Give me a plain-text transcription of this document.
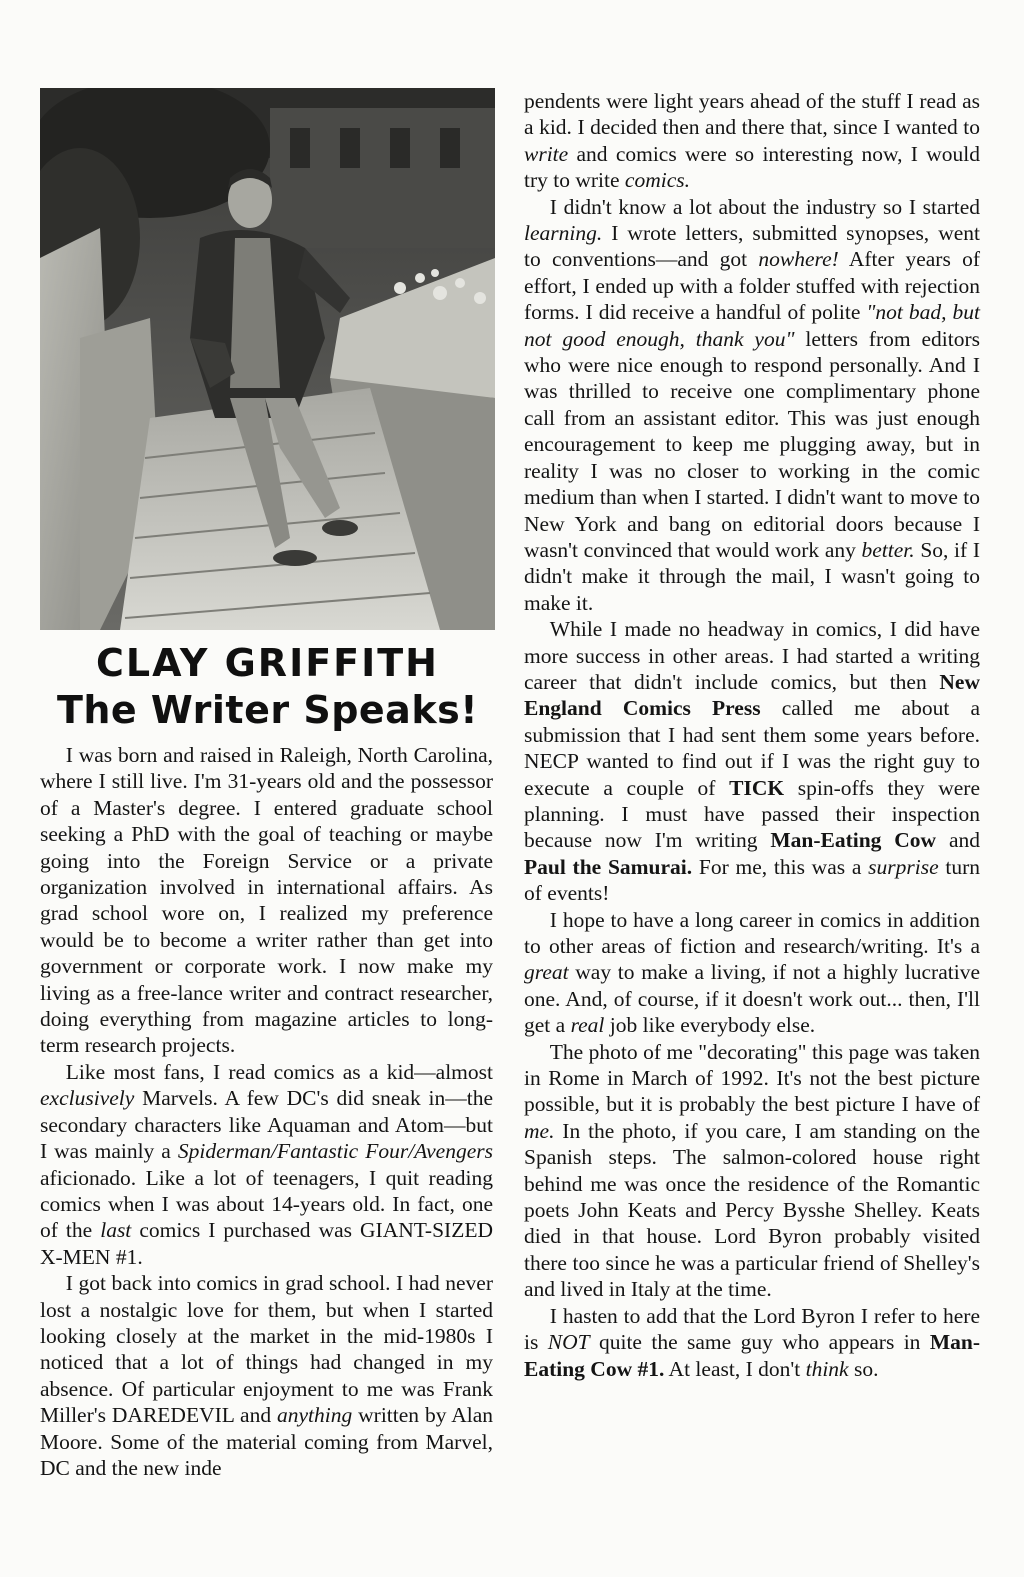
CLAY GRIFFITH
The Writer Speaks!

I was born and raised in Raleigh, North Carolina, where I still live. I'm 31-years old and the possessor of a Master's degree. I entered graduate school seeking a PhD with the goal of teaching or maybe going into the Foreign Service or a private organization involved in international affairs. As grad school wore on, I realized my preference would be to become a writer rather than get into government or corporate work. I now make my living as a free-lance writer and contract researcher, doing everything from magazine articles to long-term research projects.

Like most fans, I read comics as a kid—almost exclusively Marvels. A few DC's did sneak in—the secondary characters like Aquaman and Atom—but I was mainly a Spiderman/Fantastic Four/Avengers aficionado. Like a lot of teenagers, I quit reading comics when I was about 14-years old. In fact, one of the last comics I purchased was GIANT-SIZED X-MEN #1.

I got back into comics in grad school. I had never lost a nostalgic love for them, but when I started looking closely at the market in the mid-1980s I noticed that a lot of things had changed in my absence. Of particular enjoyment to me was Frank Miller's DAREDEVIL and anything written by Alan Moore. Some of the material coming from Marvel, DC and the new inde

pendents were light years ahead of the stuff I read as a kid. I decided then and there that, since I wanted to write and comics were so interesting now, I would try to write comics.

I didn't know a lot about the industry so I started learning. I wrote letters, submitted synopses, went to conventions—and got nowhere! After years of effort, I ended up with a folder stuffed with rejection forms. I did receive a handful of polite "not bad, but not good enough, thank you" letters from editors who were nice enough to respond personally. And I was thrilled to receive one complimentary phone call from an assistant editor. This was just enough encouragement to keep me plugging away, but in reality I was no closer to working in the comic medium than when I started. I didn't want to move to New York and bang on editorial doors because I wasn't convinced that would work any better. So, if I didn't make it through the mail, I wasn't going to make it.

While I made no headway in comics, I did have more success in other areas. I had started a writing career that didn't include comics, but then New England Comics Press called me about a submission that I had sent them some years before. NECP wanted to find out if I was the right guy to execute a couple of TICK spin-offs they were planning. I must have passed their inspection because now I'm writing Man-Eating Cow and Paul the Samurai. For me, this was a surprise turn of events!

I hope to have a long career in comics in addition to other areas of fiction and research/writing. It's a great way to make a living, if not a highly lucrative one. And, of course, if it doesn't work out... then, I'll get a real job like everybody else.

The photo of me "decorating" this page was taken in Rome in March of 1992. It's not the best picture possible, but it is probably the best picture I have of me. In the photo, if you care, I am standing on the Spanish steps. The salmon-colored house right behind me was once the residence of the Romantic poets John Keats and Percy Bysshe Shelley. Keats died in that house. Lord Byron probably visited there too since he was a particular friend of Shelley's and lived in Italy at the time.

I hasten to add that the Lord Byron I refer to here is NOT quite the same guy who appears in Man-Eating Cow #1. At least, I don't think so.
